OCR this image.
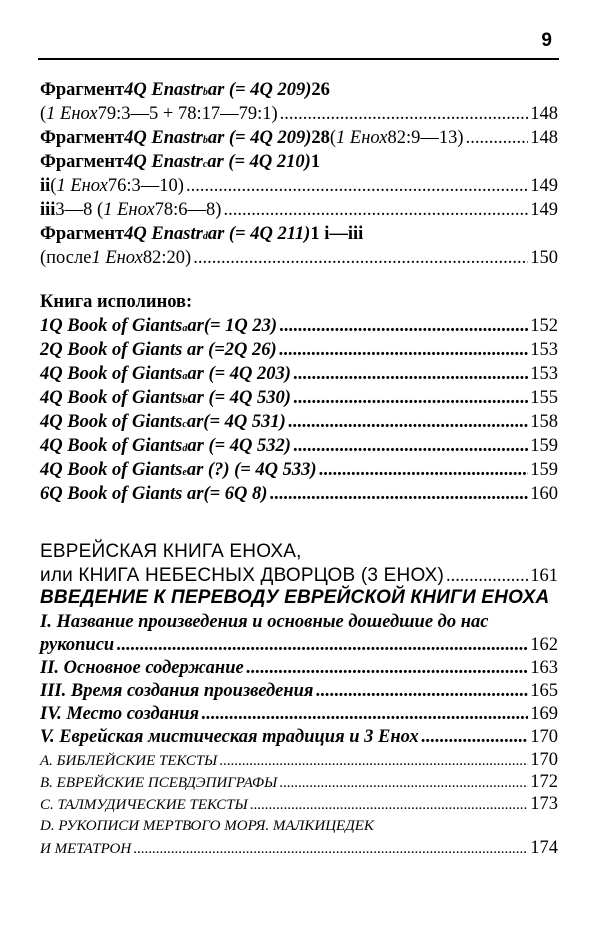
9
Фрагмент 4Q Enastr b ar (= 4Q 209) 26
( 1 Енох 79:3—5 + 78:17—79:1) .....	148
Фрагмент 4Q Enastr b ar (= 4Q 209) 28 ( 1 Енох 82:9—13) .....	148
Фрагмент 4Q Enastr c ar (= 4Q 210) 1
ii ( 1 Енох 76:3—10) .....	149
iii 3—8 ( 1 Енох 78:6—8) .....	149
Фрагмент 4Q Enastr d ar (= 4Q 211) 1 i—iii
(после 1 Енох 82:20) .....	150
Книга исполинов:
1Q Book of Giants a ar(= 1Q 23) .....	152
2Q Book of Giants ar (=2Q 26) .....	153
4Q Book of Giants a ar (= 4Q 203) .....	153
4Q Book of Giants b ar (= 4Q 530) .....	155
4Q Book of Giants c ar(= 4Q 531) .....	158
4Q Book of Giants d ar (= 4Q 532) .....	159
4Q Book of Giants e ar (?) (= 4Q 533) .....	159
6Q Book of Giants ar(= 6Q 8) .....	160
ЕВРЕЙСКАЯ КНИГА ЕНОХА,
или КНИГА НЕБЕСНЫХ ДВОРЦОВ (3 ЕНОХ) .....	161
ВВЕДЕНИЕ К ПЕРЕВОДУ ЕВРЕЙСКОЙ КНИГИ ЕНОХА
I. Название произведения и основные дошедшие до нас
рукописи .....	162
II. Основное содержание .....	163
III. Время создания произведения .....	165
IV. Место создания .....	169
V. Еврейская мистическая традиция и 3 Енох .....	170
А. БИБЛЕЙСКИЕ ТЕКСТЫ .....	170
B. ЕВРЕЙСКИЕ ПСЕВДЭПИГРАФЫ .....	172
С. ТАЛМУДИЧЕСКИЕ ТЕКСТЫ .....	173
D. РУКОПИСИ МЕРТВОГО МОРЯ. МАЛКИЦЕДЕК
И МЕТАТРОН .....	174
